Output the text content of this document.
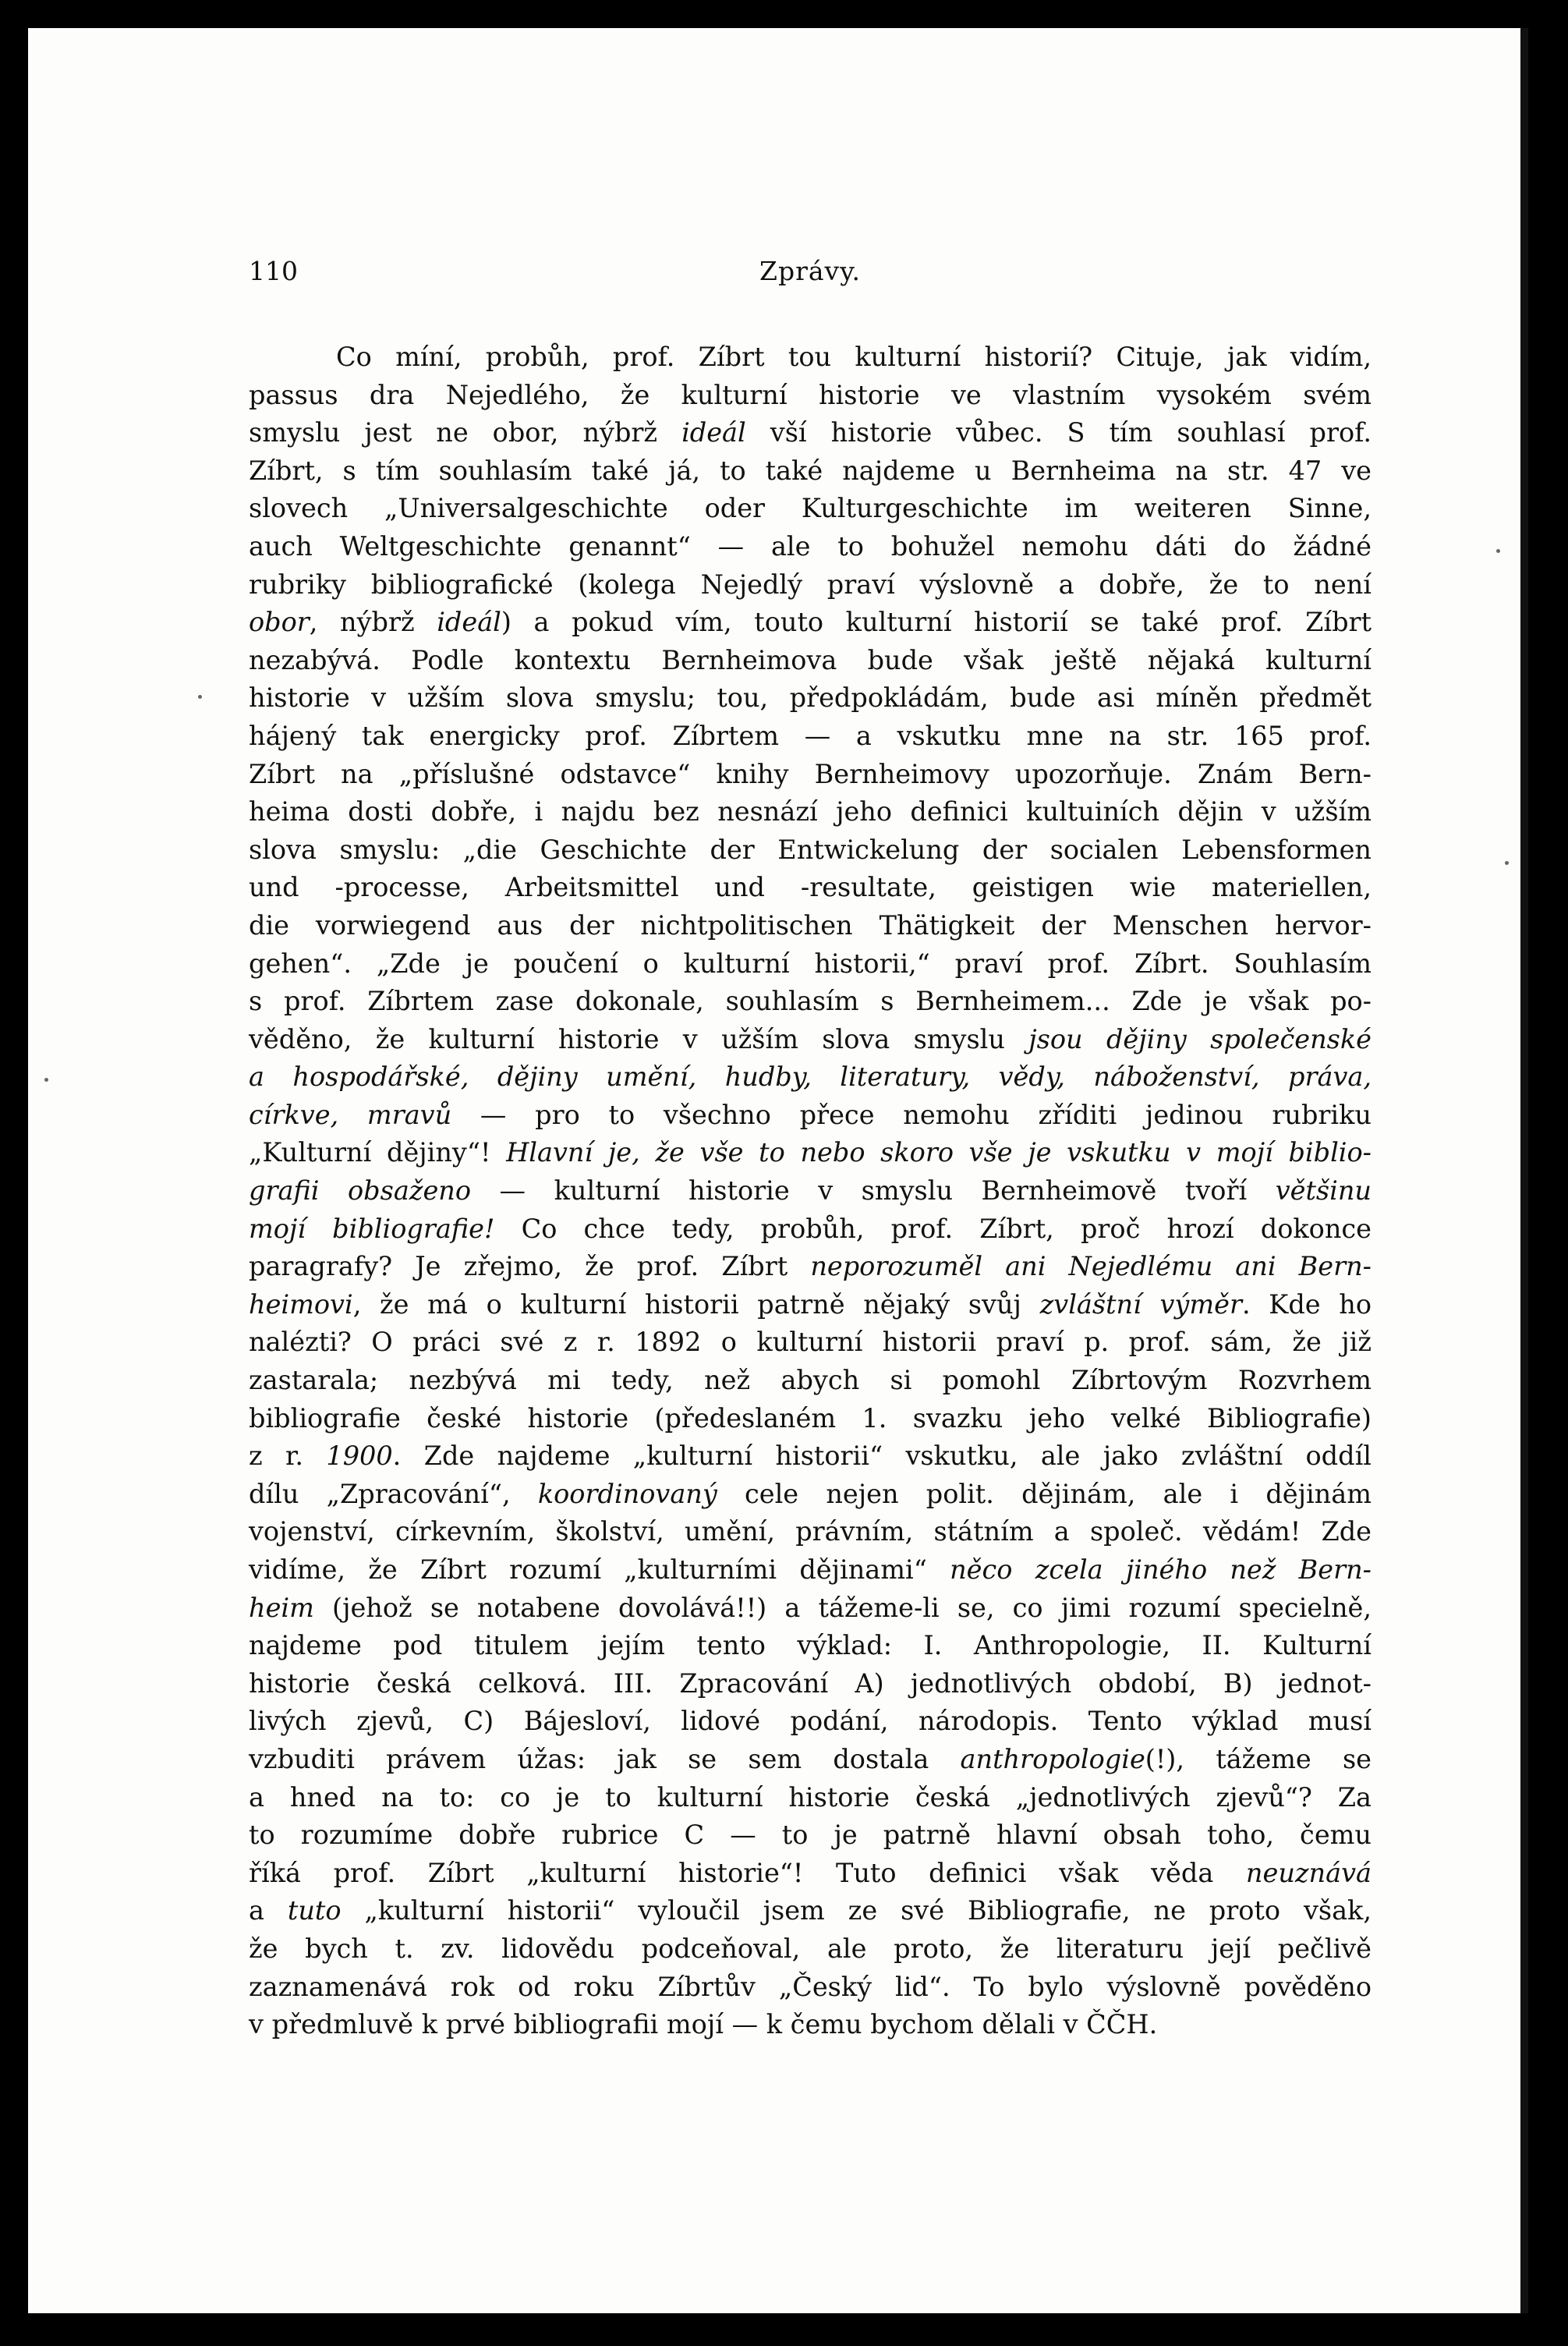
110	Zprávy.
Co míní, probůh, prof. Zíbrt tou kulturní historií? Cituje, jak vidím,
passus dra Nejedlého, že kulturní historie ve vlastním vysokém svém
smyslu jest ne obor, nýbrž ideál vší historie vůbec. S tím souhlasí prof.
Zíbrt, s tím souhlasím také já, to také najdeme u Bernheima na str. 47 ve
slovech „Universalgeschichte oder Kulturgeschichte im weiteren Sinne,
auch Weltgeschichte genannt“ — ale to bohužel nemohu dáti do žádné
rubriky bibliografické (kolega Nejedlý praví výslovně a dobře, že to není
obor, nýbrž ideál) a pokud vím, touto kulturní historií se také prof. Zíbrt
nezabývá. Podle kontextu Bernheimova bude však ještě nějaká kulturní
historie v užším slova smyslu; tou, předpokládám, bude asi míněn předmět
hájený tak energicky prof. Zíbrtem — a vskutku mne na str. 165 prof.
Zíbrt na „příslušné odstavce“ knihy Bernheimovy upozorňuje. Znám Bern-
heima dosti dobře, i najdu bez nesnází jeho definici kultuiních dějin v užším
slova smyslu: „die Geschichte der Entwickelung der socialen Lebensformen
und -processe, Arbeitsmittel und -resultate, geistigen wie materiellen,
die vorwiegend aus der nichtpolitischen Thätigkeit der Menschen hervor-
gehen“. „Zde je poučení o kulturní historii,“ praví prof. Zíbrt. Souhlasím
s prof. Zíbrtem zase dokonale, souhlasím s Bernheimem... Zde je však po-
věděno, že kulturní historie v užším slova smyslu jsou dějiny společenské
a hospodářské, dějiny umění, hudby, literatury, vědy, náboženství, práva,
církve, mravů — pro to všechno přece nemohu zříditi jedinou rubriku
„Kulturní dějiny“! Hlavní je, že vše to nebo skoro vše je vskutku v mojí biblio-
grafii obsaženo — kulturní historie v smyslu Bernheimově tvoří většinu
mojí bibliografie! Co chce tedy, probůh, prof. Zíbrt, proč hrozí dokonce
paragrafy? Je zřejmo, že prof. Zíbrt neporozuměl ani Nejedlému ani Bern-
heimovi, že má o kulturní historii patrně nějaký svůj zvláštní výměr. Kde ho
nalézti? O práci své z r. 1892 o kulturní historii praví p. prof. sám, že již
zastarala; nezbývá mi tedy, než abych si pomohl Zíbrtovým Rozvrhem
bibliografie české historie (předeslaném 1. svazku jeho velké Bibliografie)
z r. 1900. Zde najdeme „kulturní historii“ vskutku, ale jako zvláštní oddíl
dílu „Zpracování“, koordinovaný cele nejen polit. dějinám, ale i dějinám
vojenství, církevním, školství, umění, právním, státním a společ. vědám! Zde
vidíme, že Zíbrt rozumí „kulturními dějinami“ něco zcela jiného než Bern-
heim (jehož se notabene dovolává!!) a tážeme-li se, co jimi rozumí specielně,
najdeme pod titulem jejím tento výklad: I. Anthropologie, II. Kulturní
historie česká celková. III. Zpracování A) jednotlivých období, B) jednot-
livých zjevů, C) Bájesloví, lidové podání, národopis. Tento výklad musí
vzbuditi právem úžas: jak se sem dostala anthropologie(!), tážeme se
a hned na to: co je to kulturní historie česká „jednotlivých zjevů“? Za
to rozumíme dobře rubrice C — to je patrně hlavní obsah toho, čemu
říká prof. Zíbrt „kulturní historie“! Tuto definici však věda neuznává
a tuto „kulturní historii“ vyloučil jsem ze své Bibliografie, ne proto však,
že bych t. zv. lidovědu podceňoval, ale proto, že literaturu její pečlivě
zaznamenává rok od roku Zíbrtův „Český lid“. To bylo výslovně pověděno
v předmluvě k prvé bibliografii mojí — k čemu bychom dělali v ČČH.
